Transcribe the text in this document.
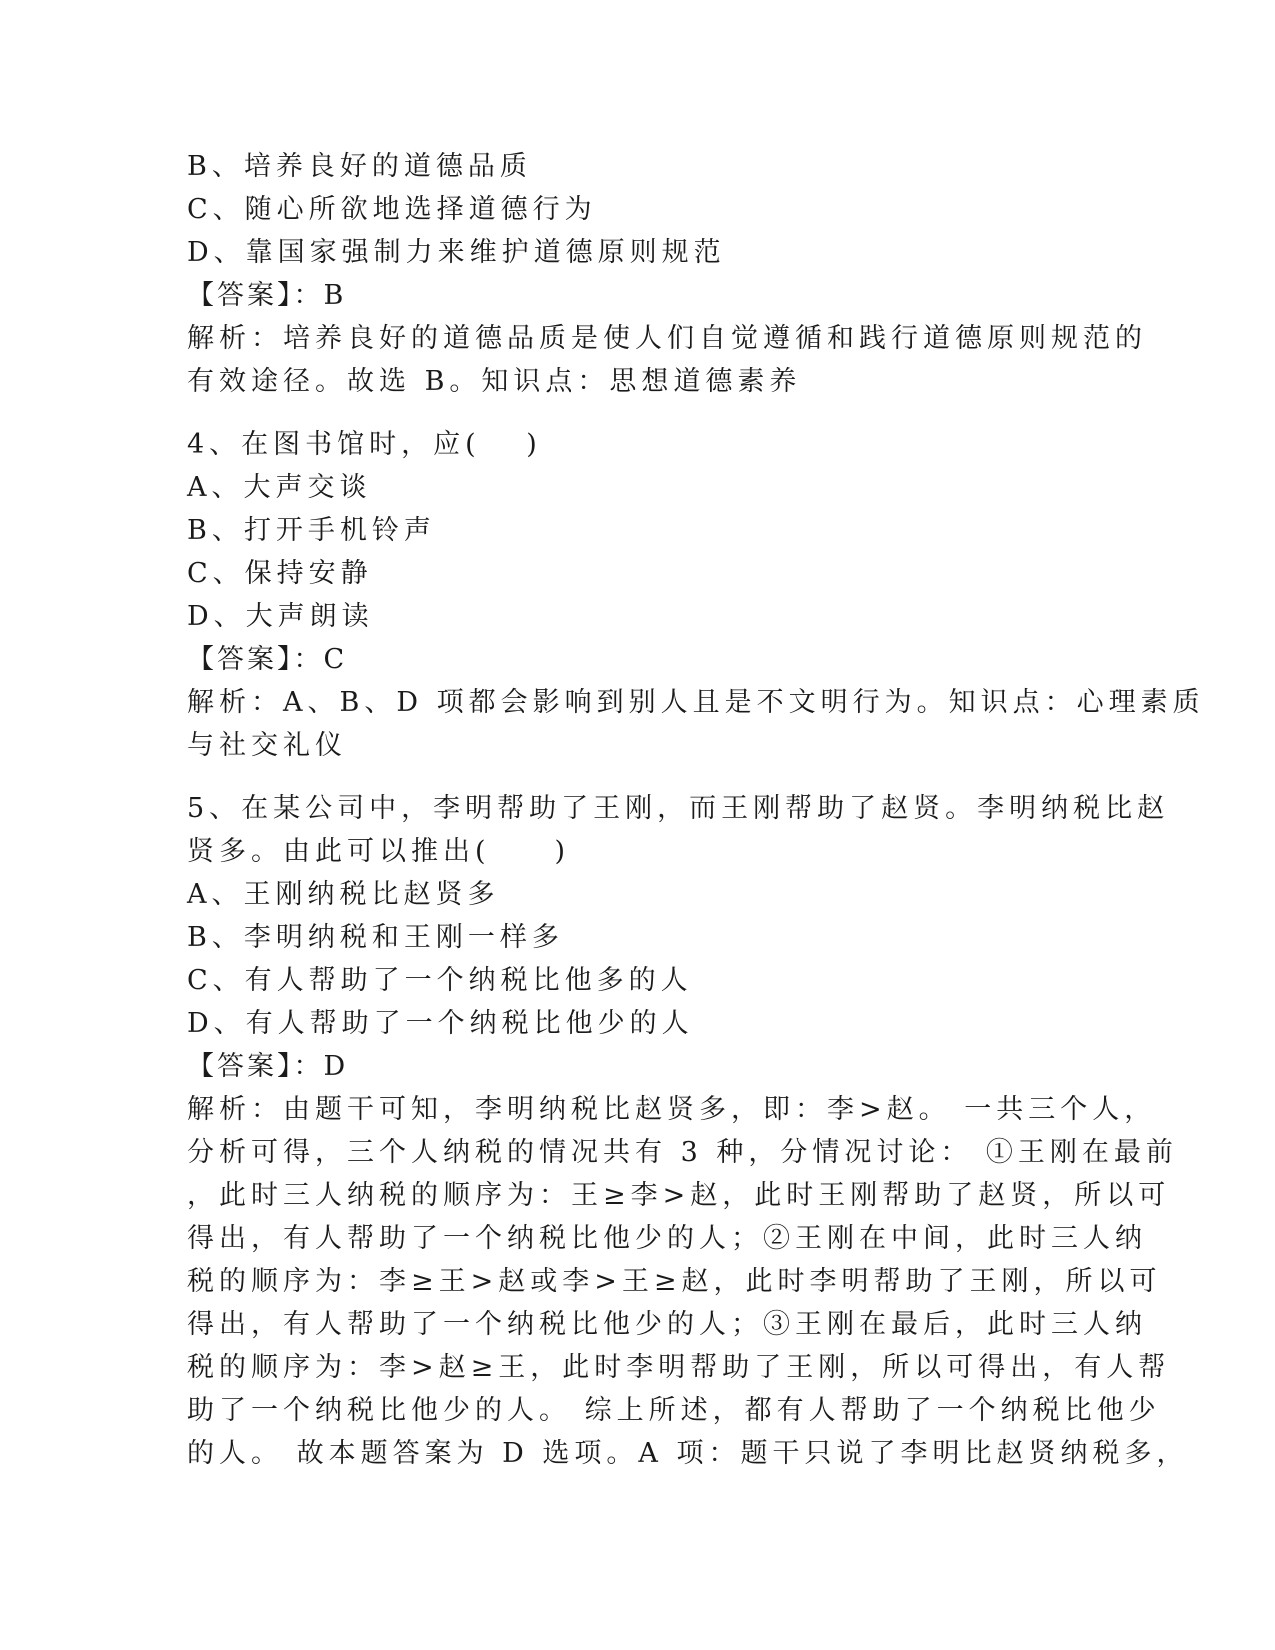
B、培养良好的道德品质
C、随心所欲地选择道德行为
D、靠国家强制力来维护道德原则规范
【答案】：B
解析：培养良好的道德品质是使人们自觉遵循和践行道德原则规范的
有效途径。故选 B。知识点：思想道德素养
4、在图书馆时，应(　 )
A、大声交谈
B、打开手机铃声
C、保持安静
D、大声朗读
【答案】：C
解析：A、B、D 项都会影响到别人且是不文明行为。知识点：心理素质
与社交礼仪
5、在某公司中，李明帮助了王刚，而王刚帮助了赵贤。李明纳税比赵
贤多。由此可以推出(　　)
A、王刚纳税比赵贤多
B、李明纳税和王刚一样多
C、有人帮助了一个纳税比他多的人
D、有人帮助了一个纳税比他少的人
【答案】：D
解析：由题干可知，李明纳税比赵贤多，即：李>赵。 一共三个人，
分析可得，三个人纳税的情况共有 3 种，分情况讨论： ①王刚在最前
，此时三人纳税的顺序为：王≥李>赵，此时王刚帮助了赵贤，所以可
得出，有人帮助了一个纳税比他少的人；②王刚在中间，此时三人纳
税的顺序为：李≥王>赵或李>王≥赵，此时李明帮助了王刚，所以可
得出，有人帮助了一个纳税比他少的人；③王刚在最后，此时三人纳
税的顺序为：李>赵≥王，此时李明帮助了王刚，所以可得出，有人帮
助了一个纳税比他少的人。 综上所述，都有人帮助了一个纳税比他少
的人。 故本题答案为 D 选项。A 项：题干只说了李明比赵贤纳税多，
